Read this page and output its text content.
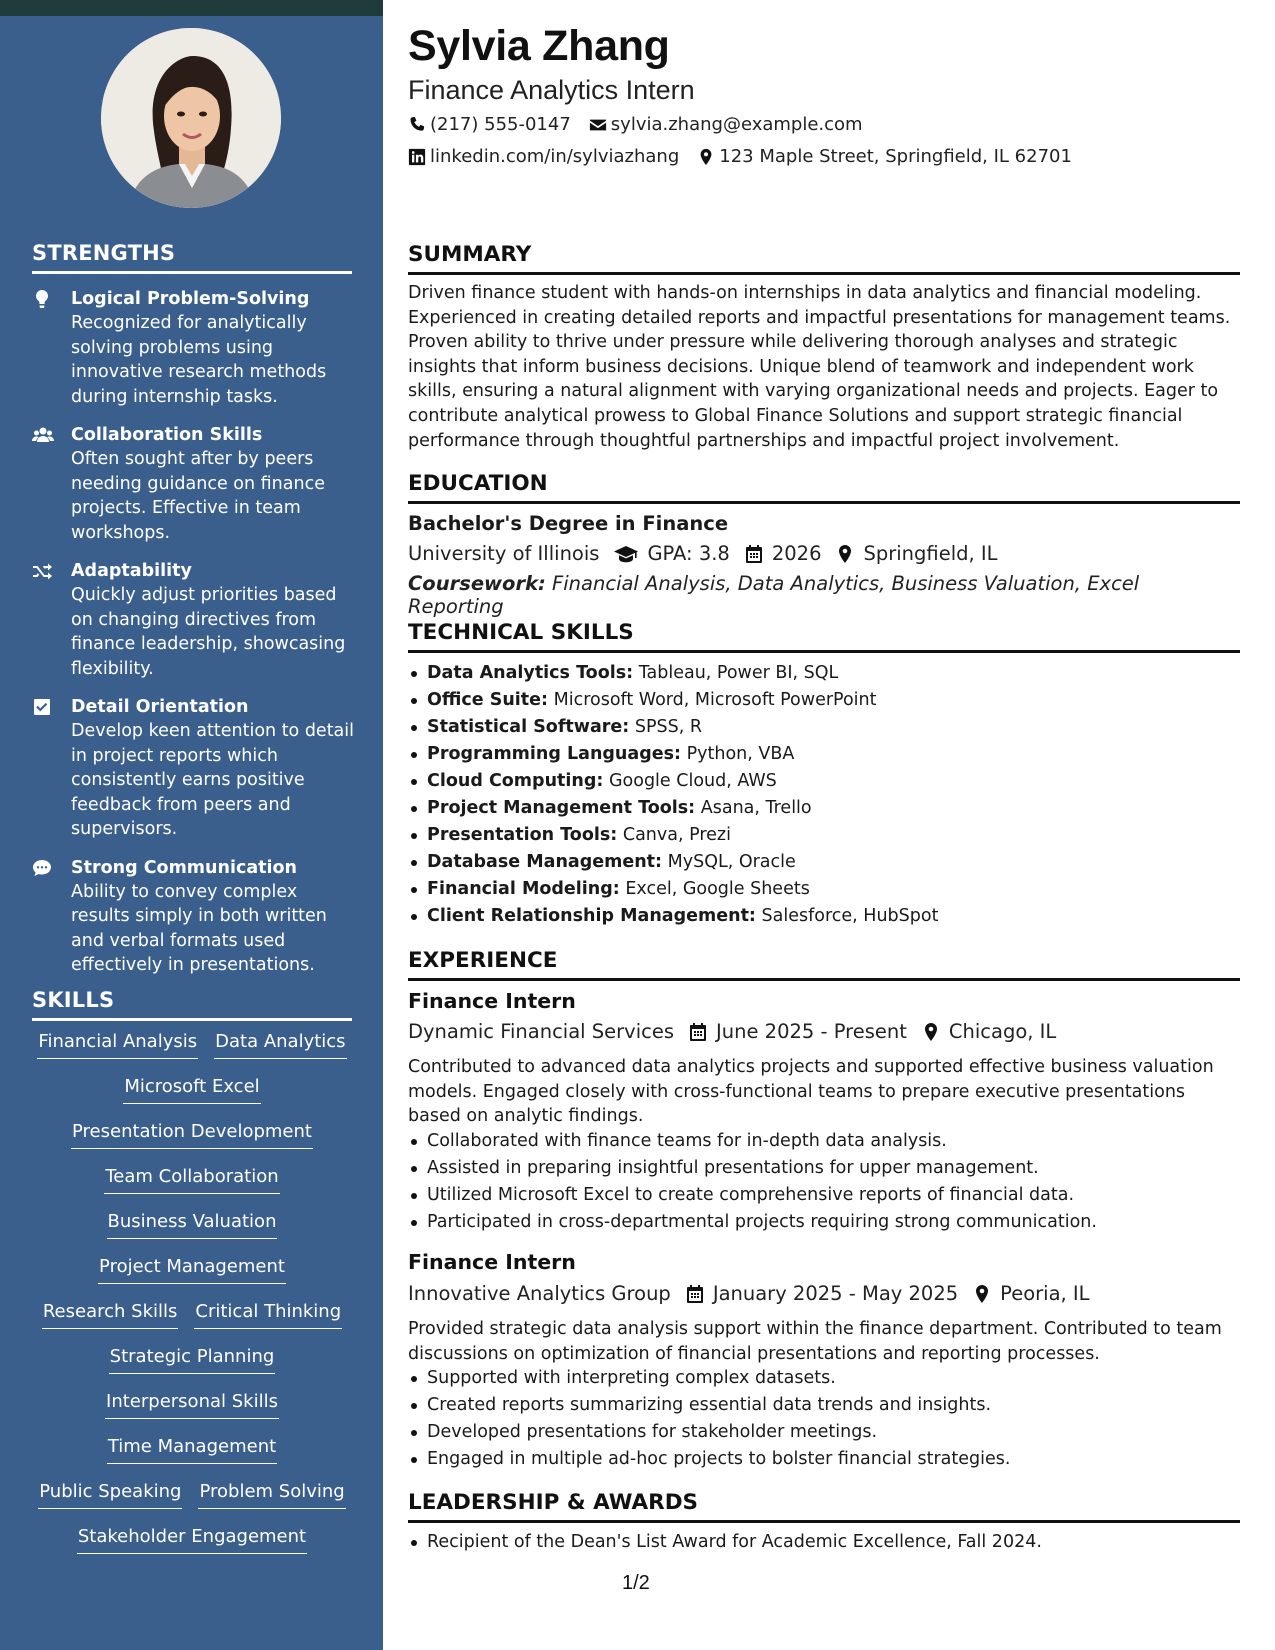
STRENGTHS
Logical Problem-Solving
Recognized for analytically solving problems using innovative research methods during internship tasks.
Collaboration Skills
Often sought after by peers needing guidance on finance projects. Effective in team workshops.
Adaptability
Quickly adjust priorities based on changing directives from finance leadership, showcasing flexibility.
Detail Orientation
Develop keen attention to detail in project reports which consistently earns positive feedback from peers and supervisors.
Strong Communication
Ability to convey complex results simply in both written and verbal formats used effectively in presentations.
SKILLS
Financial Analysis Data Analytics
Microsoft Excel
Presentation Development
Team Collaboration
Business Valuation
Project Management
Research Skills Critical Thinking
Strategic Planning
Interpersonal Skills
Time Management
Public Speaking Problem Solving
Stakeholder Engagement
Sylvia Zhang
Finance Analytics Intern
(217) 555-0147 sylvia.zhang@example.com
linkedin.com/in/sylviazhang 123 Maple Street, Springfield, IL 62701
SUMMARY
Driven finance student with hands-on internships in data analytics and financial modeling. Experienced in creating detailed reports and impactful presentations for management teams. Proven ability to thrive under pressure while delivering thorough analyses and strategic insights that inform business decisions. Unique blend of teamwork and independent work skills, ensuring a natural alignment with varying organizational needs and projects. Eager to contribute analytical prowess to Global Finance Solutions and support strategic financial performance through thoughtful partnerships and impactful project involvement.
EDUCATION
Bachelor's Degree in Finance
University of Illinois GPA: 3.8 2026 Springfield, IL
Coursework: Financial Analysis, Data Analytics, Business Valuation, Excel Reporting
TECHNICAL SKILLS
Data Analytics Tools: Tableau, Power BI, SQL
Office Suite: Microsoft Word, Microsoft PowerPoint
Statistical Software: SPSS, R
Programming Languages: Python, VBA
Cloud Computing: Google Cloud, AWS
Project Management Tools: Asana, Trello
Presentation Tools: Canva, Prezi
Database Management: MySQL, Oracle
Financial Modeling: Excel, Google Sheets
Client Relationship Management: Salesforce, HubSpot
EXPERIENCE
Finance Intern
Dynamic Financial Services June 2025 - Present Chicago, IL
Contributed to advanced data analytics projects and supported effective business valuation models. Engaged closely with cross-functional teams to prepare executive presentations based on analytic findings.
Collaborated with finance teams for in-depth data analysis.
Assisted in preparing insightful presentations for upper management.
Utilized Microsoft Excel to create comprehensive reports of financial data.
Participated in cross-departmental projects requiring strong communication.
Finance Intern
Innovative Analytics Group January 2025 - May 2025 Peoria, IL
Provided strategic data analysis support within the finance department. Contributed to team discussions on optimization of financial presentations and reporting processes.
Supported with interpreting complex datasets.
Created reports summarizing essential data trends and insights.
Developed presentations for stakeholder meetings.
Engaged in multiple ad-hoc projects to bolster financial strategies.
LEADERSHIP & AWARDS
Recipient of the Dean's List Award for Academic Excellence, Fall 2024.
1/2
